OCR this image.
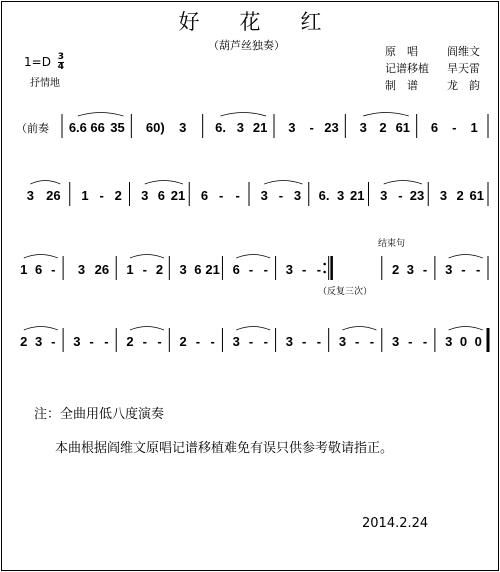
好花红
（葫芦丝独奏）
$1=D \frac{3}{4}$
抒情地
原　唱	阎维文
记谱移植	旱天雷
制　谱	龙　韵
（前奏 6.6 66 35 60) 3 6. 3 21 3 - 23 3 2 61 6 - 1
3 26 1 - 2 3 6 21 6 - - 3 - 3 6. 3 21 3 - 23 3 2 61
1 6 - 3 26 1 - 2 3 6 21 6 - - 3 - -	2 3 - 3 - -
2 3 - 3 - - 2 - - 2 - - 3 - - 3 - - 3 - - 3 - - 3 0 0
结束句
（反复三次）
注：全曲用低八度演奏
本曲根据阎维文原唱记谱移植难免有误只供参考敬请指正。
2014.2.24
